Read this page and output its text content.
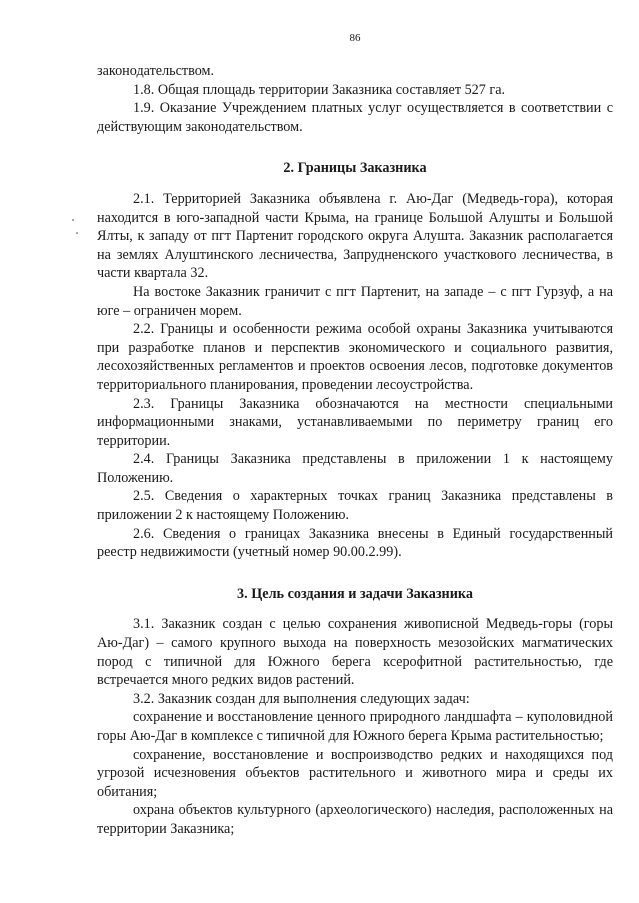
86

законодательством.

1.8. Общая площадь территории Заказника составляет 527 га.

1.9. Оказание Учреждением платных услуг осуществляется в соответствии с действующим законодательством.

2. Границы Заказника

2.1. Территорией Заказника объявлена г. Аю-Даг (Медведь-гора), которая находится в юго-западной части Крыма, на границе Большой Алушты и Большой Ялты, к западу от пгт Партенит городского округа Алушта. Заказник располагается на землях Алуштинского лесничества, Запрудненского участкового лесничества, в части квартала 32.

На востоке Заказник граничит с пгт Партенит, на западе – с пгт Гурзуф, а на юге – ограничен морем.

2.2. Границы и особенности режима особой охраны Заказника учитываются при разработке планов и перспектив экономического и социального развития, лесохозяйственных регламентов и проектов освоения лесов, подготовке документов территориального планирования, проведении лесоустройства.

2.3. Границы Заказника обозначаются на местности специальными информационными знаками, устанавливаемыми по периметру границ его территории.

2.4. Границы Заказника представлены в приложении 1 к настоящему Положению.

2.5. Сведения о характерных точках границ Заказника представлены в приложении 2 к настоящему Положению.

2.6. Сведения о границах Заказника внесены в Единый государственный реестр недвижимости (учетный номер 90.00.2.99).

3. Цель создания и задачи Заказника

3.1. Заказник создан с целью сохранения живописной Медведь-горы (горы Аю-Даг) – самого крупного выхода на поверхность мезозойских магматических пород с типичной для Южного берега ксерофитной растительностью, где встречается много редких видов растений.

3.2. Заказник создан для выполнения следующих задач:

сохранение и восстановление ценного природного ландшафта – куполовидной горы Аю-Даг в комплексе с типичной для Южного берега Крыма растительностью;

сохранение, восстановление и воспроизводство редких и находящихся под угрозой исчезновения объектов растительного и животного мира и среды их обитания;

охрана объектов культурного (археологического) наследия, расположенных на территории Заказника;
